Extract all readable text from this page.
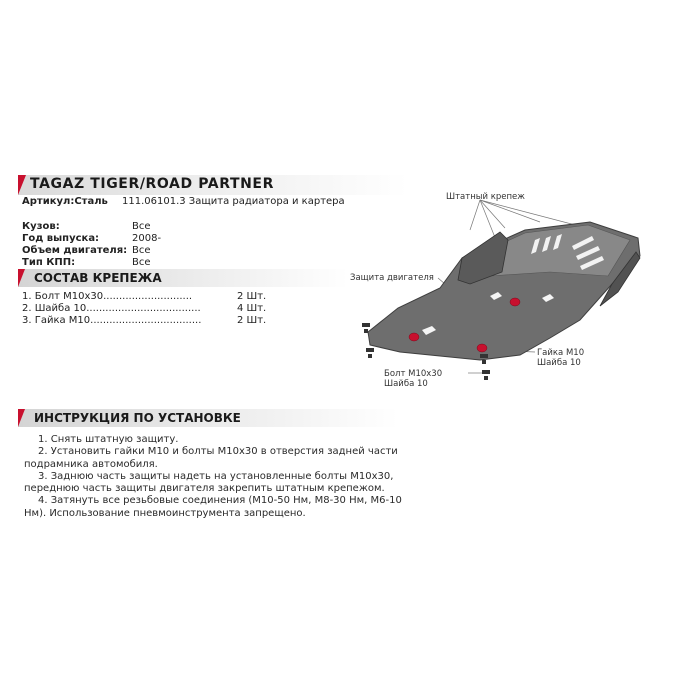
TAGAZ TIGER/ROAD PARTNER
Артикул:Сталь 111.06101.3 Защита радиатора и картера
Кузов:	Все
Год выпуска:	2008-
Объем двигателя: Все
Тип КПП:	Все
СОСТАВ КРЕПЕЖА
1. Болт М10х30............................	2 Шт.
2. Шайба 10....................................	4 Шт.
3. Гайка М10...................................	2 Шт.
ИНСТРУКЦИЯ ПО УСТАНОВКЕ

1. Снять штатную защиту.

2. Установить гайки М10 и болты М10х30 в отверстия задней части подрамника автомобиля.

3. Заднюю часть защиты надеть на установленные болты М10х30, переднюю часть защиты двигателя закрепить штатным крепежом.

4. Затянуть все резьбовые соединения (М10-50 Нм, М8-30 Нм, М6-10 Нм). Использование пневмоинструмента запрещено.

Штатный крепеж
Защита двигателя
Гайка М10
Шайба 10
Болт М10х30
Шайба 10
